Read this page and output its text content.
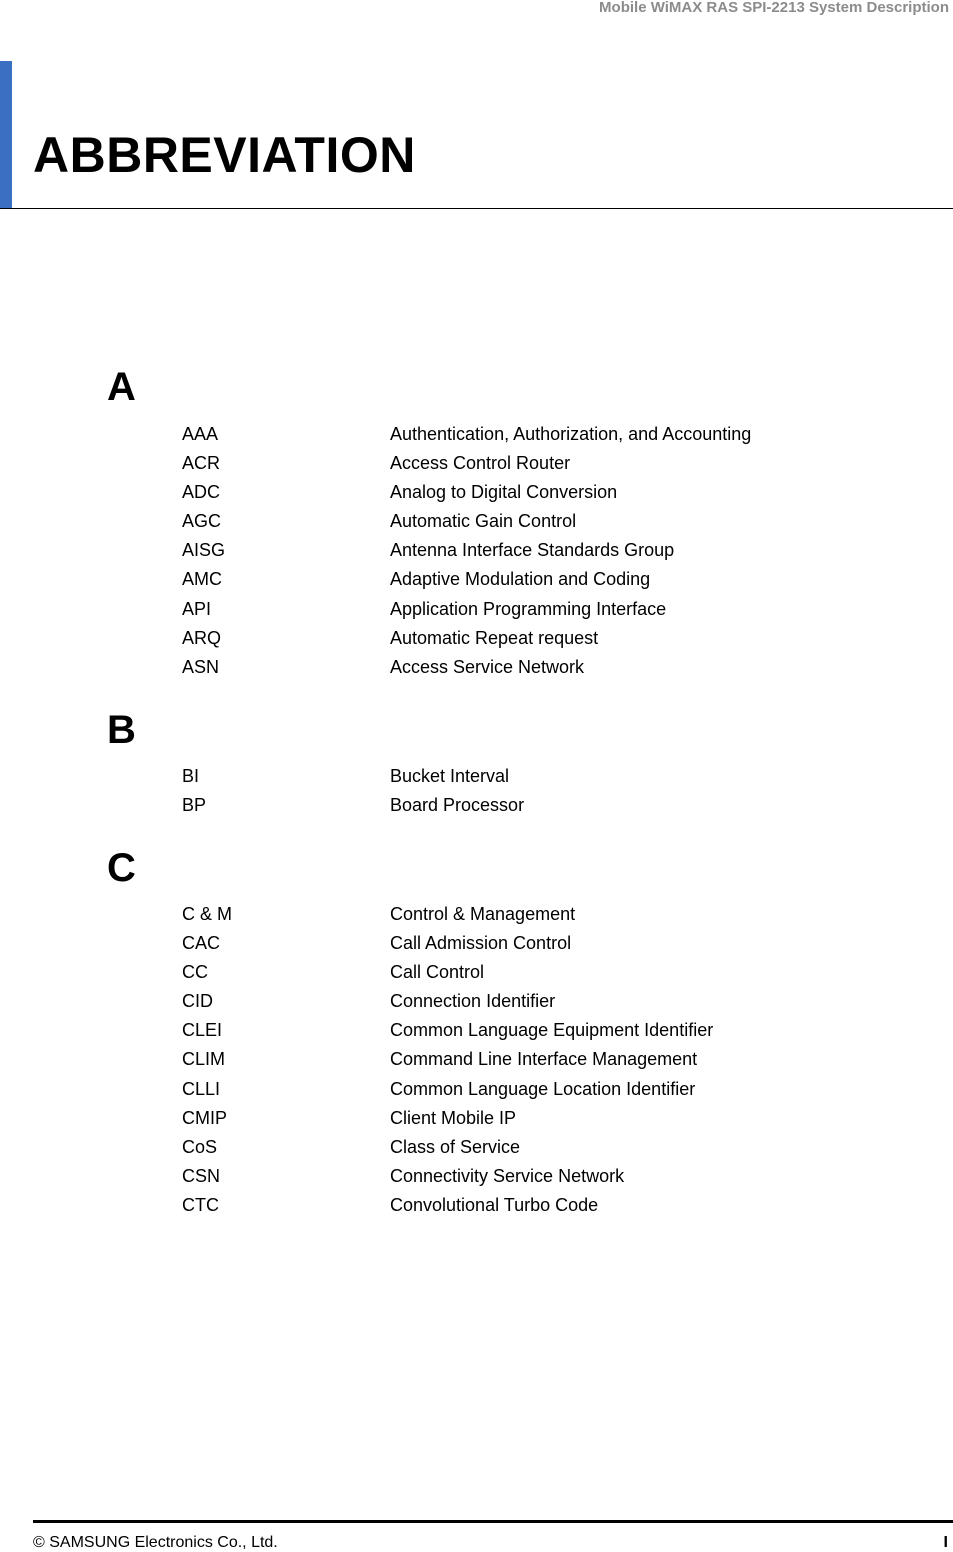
Mobile WiMAX RAS SPI-2213 System Description
ABBREVIATION
A
AAA	Authentication, Authorization, and Accounting
ACR	Access Control Router
ADC	Analog to Digital Conversion
AGC	Automatic Gain Control
AISG	Antenna Interface Standards Group
AMC	Adaptive Modulation and Coding
API	Application Programming Interface
ARQ	Automatic Repeat request
ASN	Access Service Network
B
BI	Bucket Interval
BP	Board Processor
C
C & M	Control & Management
CAC	Call Admission Control
CC	Call Control
CID	Connection Identifier
CLEI	Common Language Equipment Identifier
CLIM	Command Line Interface Management
CLLI	Common Language Location Identifier
CMIP	Client Mobile IP
CoS	Class of Service
CSN	Connectivity Service Network
CTC	Convolutional Turbo Code
© SAMSUNG Electronics Co., Ltd.	I
